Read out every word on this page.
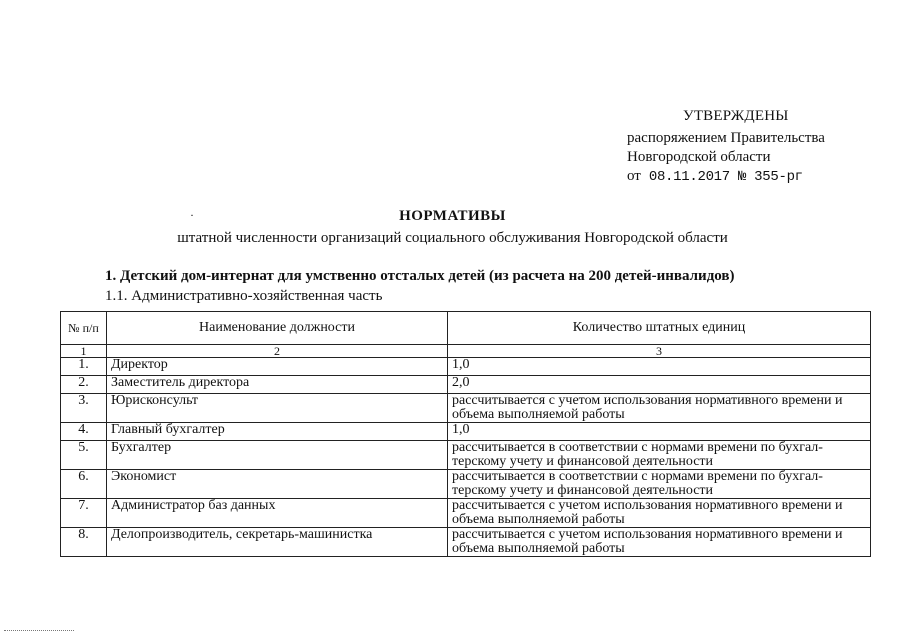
УТВЕРЖДЕНЫ
распоряжением Правительства
Новгородской области
от 08.11.2017 № 355-рг
·	НОРМАТИВЫ
штатной численности организаций социального обслуживания Новгородской области
1. Детский дом-интернат для умственно отсталых детей (из расчета на 200 детей-инвалидов)
1.1. Административно-хозяйственная часть
№ п/п	Наименование должности	Количество штатных единиц
1	2	3
1.	Директор	1,0
2.	Заместитель директора	2,0
3.	Юрисконсульт	рассчитывается с учетом использования нормативного времени и объема выполняемой работы
4.	Главный бухгалтер	1,0
5.	Бухгалтер	рассчитывается в соответствии с нормами времени по бухгал-терскому учету и финансовой деятельности
6.	Экономист	рассчитывается в соответствии с нормами времени по бухгал-терскому учету и финансовой деятельности
7.	Администратор баз данных	рассчитывается с учетом использования нормативного времени и объема выполняемой работы
8.	Делопроизводитель, секретарь-машинистка	рассчитывается с учетом использования нормативного времени и объема выполняемой работы
